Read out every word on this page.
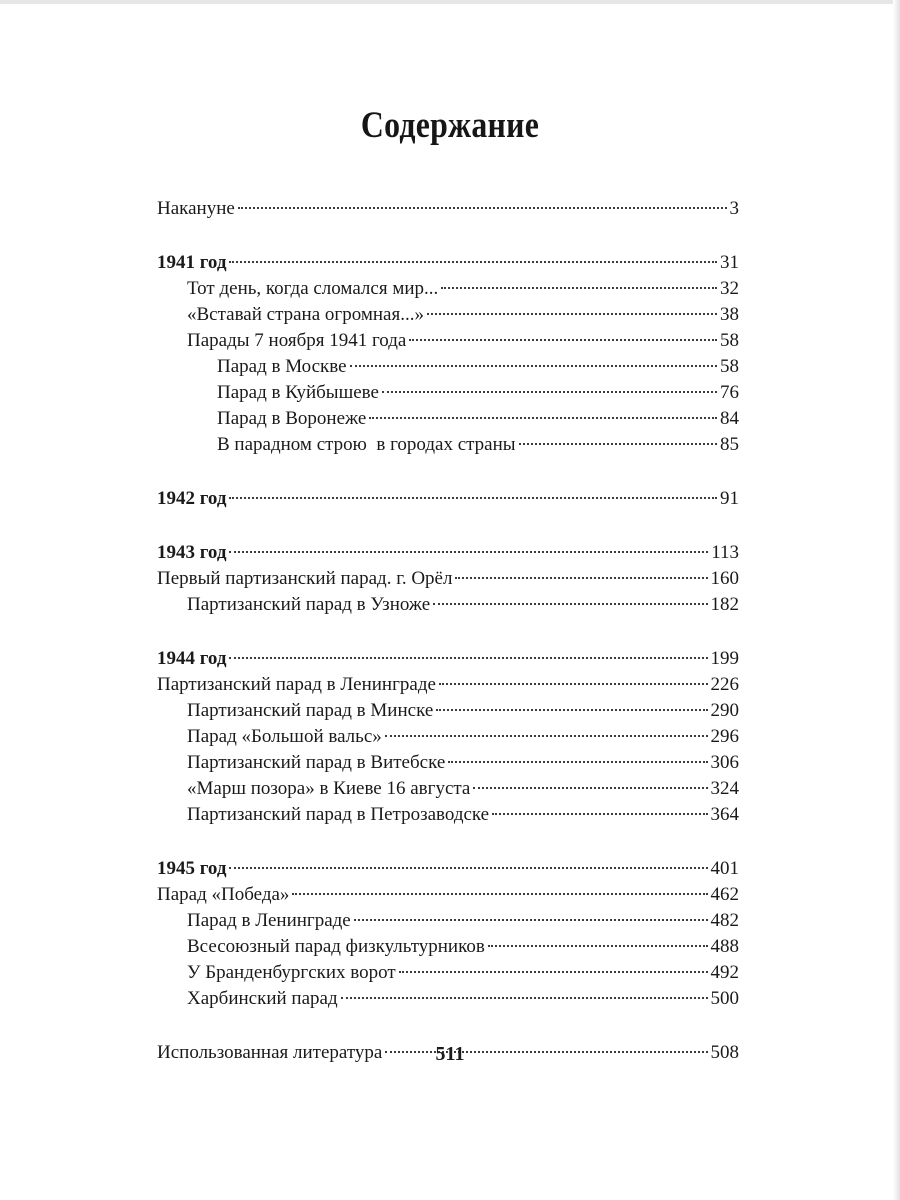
Содержание
Накануне	3
1941 год	31
Тот день, когда сломался мир...	32
«Вставай страна огромная...»	38
Парады 7 ноября 1941 года	58
Парад в Москве	58
Парад в Куйбышеве	76
Парад в Воронеже	84
В парадном строю  в городах страны	85
1942 год	91
1943 год	113
Первый партизанский парад. г. Орёл	160
Партизанский парад в Узноже	182
1944 год	199
Партизанский парад в Ленинграде	226
Партизанский парад в Минске	290
Парад «Большой вальс»	296
Партизанский парад в Витебске	306
«Марш позора» в Киеве 16 августа	324
Партизанский парад в Петрозаводске	364
1945 год	401
Парад «Победа»	462
Парад в Ленинграде	482
Всесоюзный парад физкультурников	488
У Бранденбургских ворот	492
Харбинский парад	500
Использованная литература	508
511
